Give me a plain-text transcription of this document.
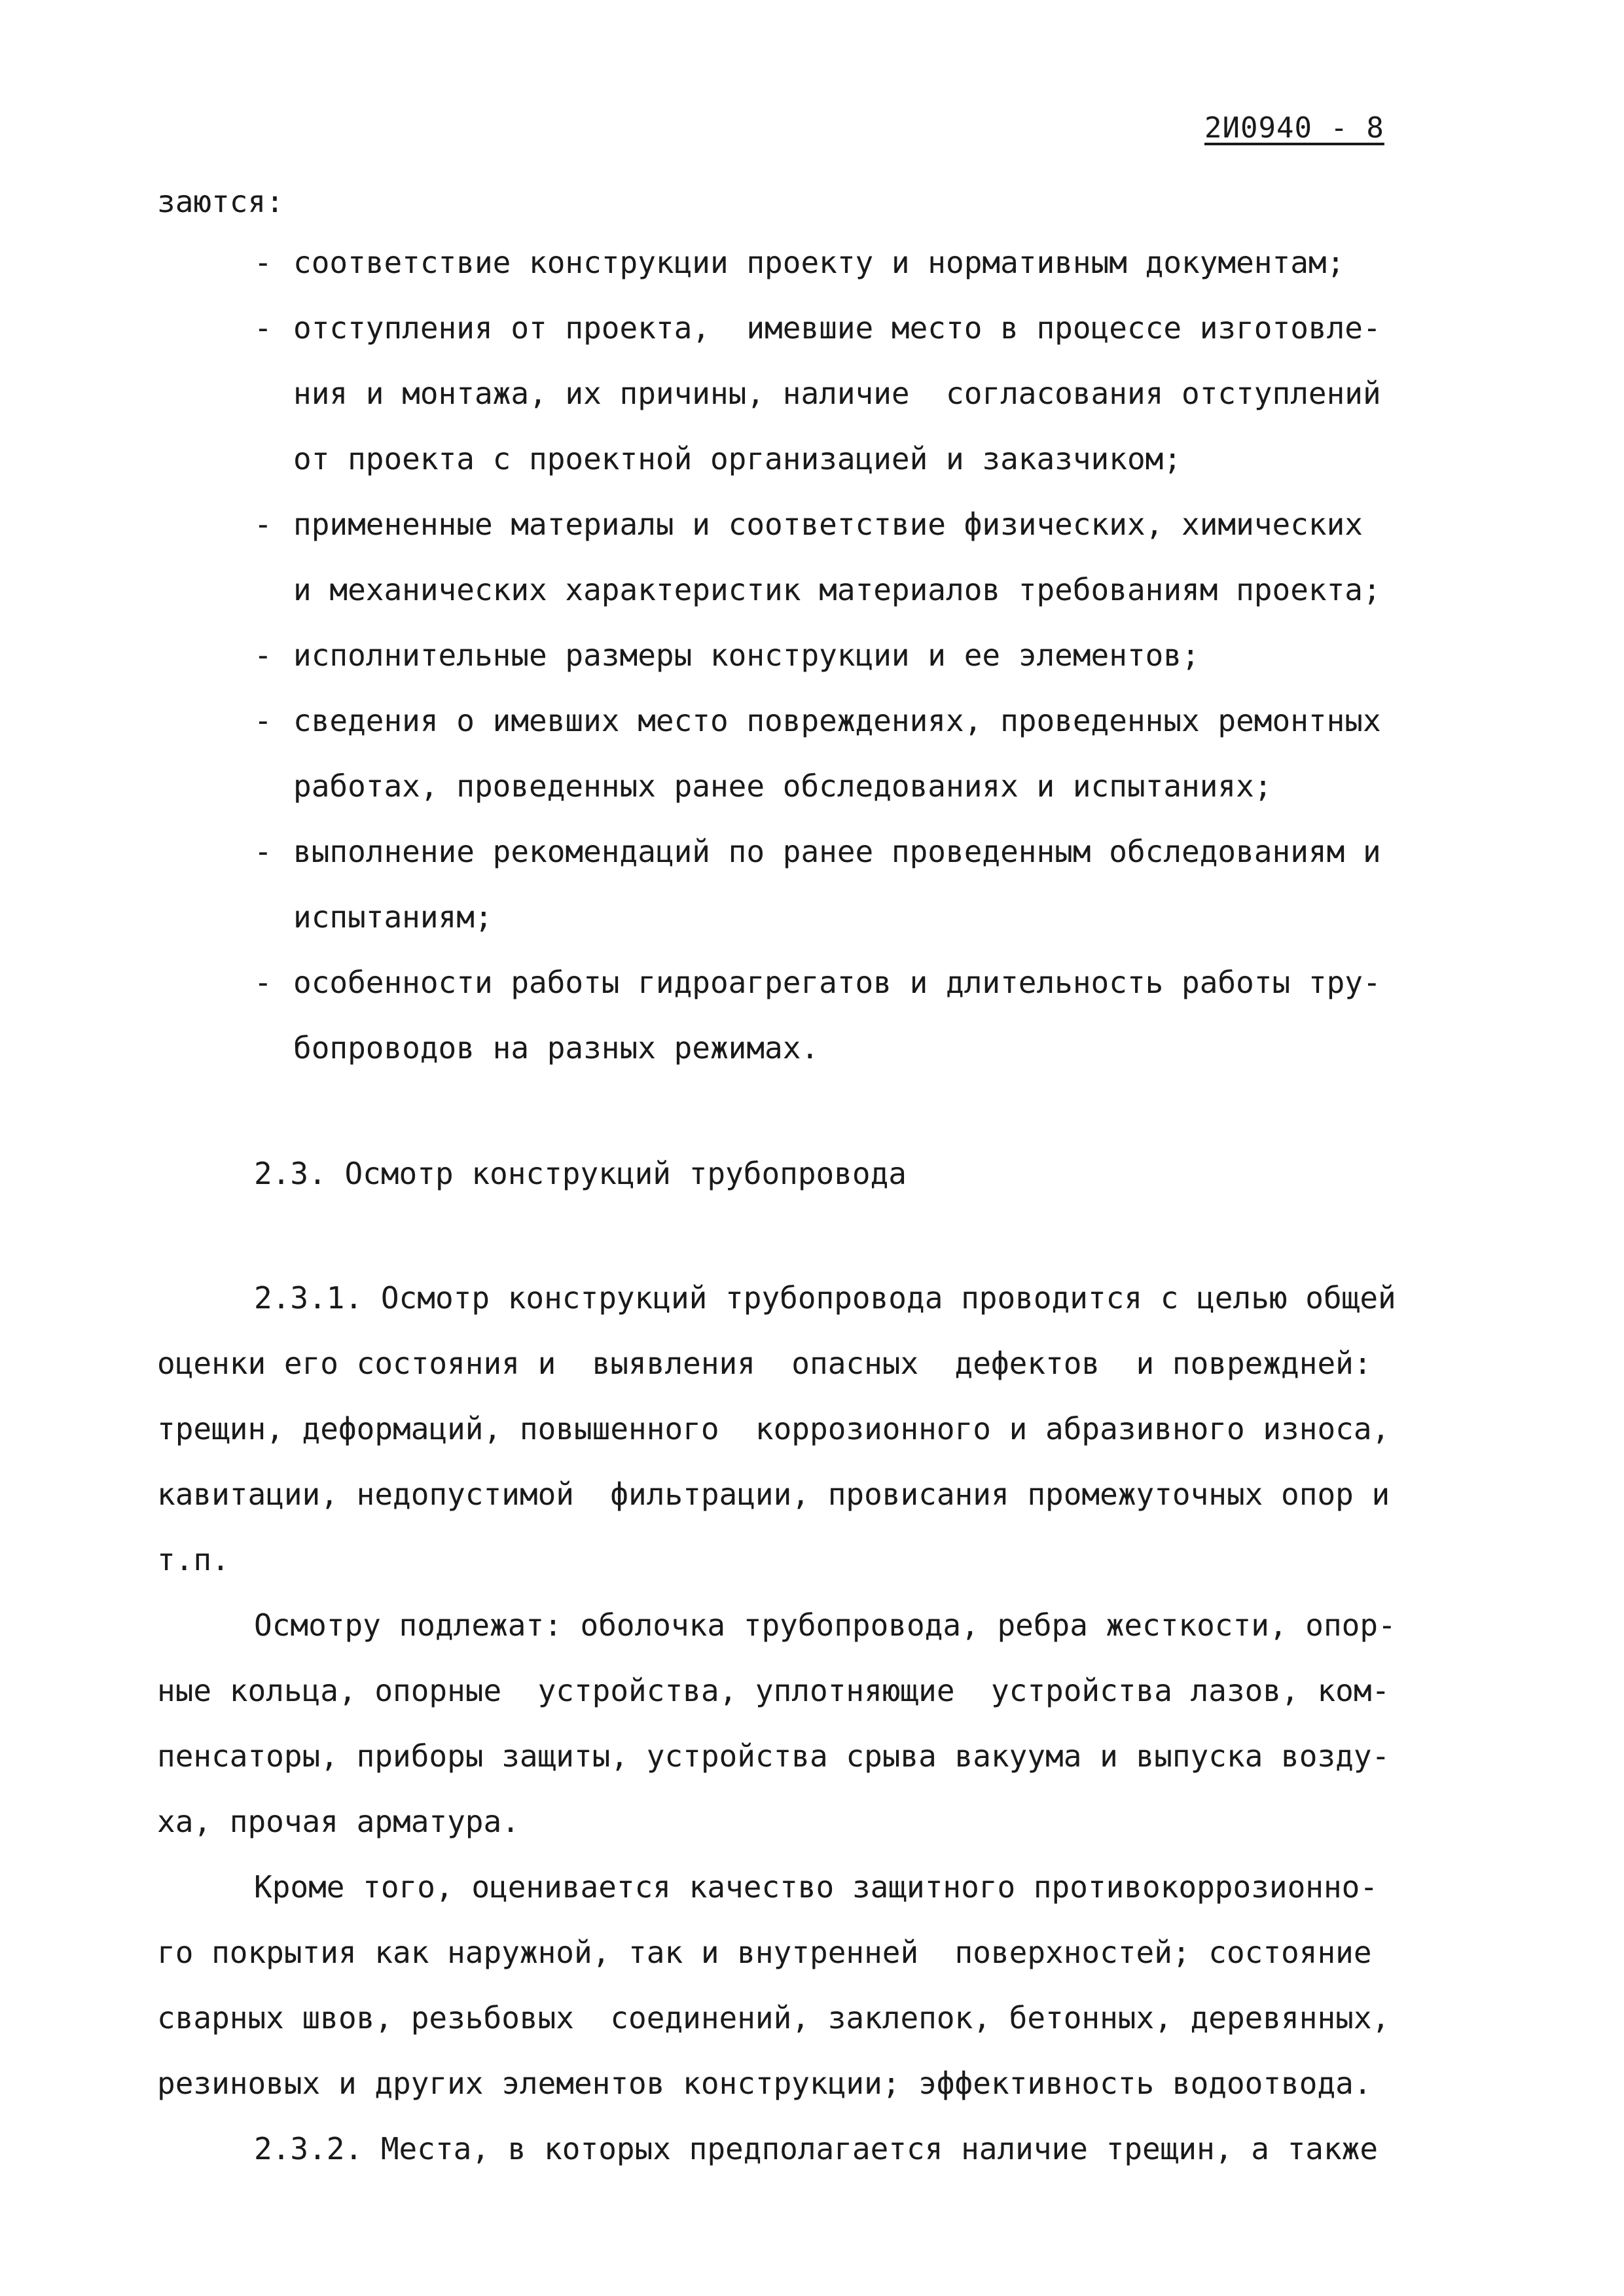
2И0940 - 8
заются:
- соответствие конструкции проекту и нормативным документам;
- отступления от проекта,  имевшие место в процессе изготовле-
ния и монтажа, их причины, наличие  согласования отступлений
от проекта с проектной организацией и заказчиком;
- примененные материалы и соответствие физических, химических
и механических характеристик материалов требованиям проекта;
- исполнительные размеры конструкции и ее элементов;
- сведения о имевших место повреждениях, проведенных ремонтных
работах, проведенных ранее обследованиях и испытаниях;
- выполнение рекомендаций по ранее проведенным обследованиям и
испытаниям;
- особенности работы гидроагрегатов и длительность работы тру-
бопроводов на разных режимах.
2.3. Осмотр конструкций трубопровода
2.3.1. Осмотр конструкций трубопровода проводится с целью общей
оценки его состояния и  выявления  опасных  дефектов  и повреждней:
трещин, деформаций, повышенного  коррозионного и абразивного износа,
кавитации, недопустимой  фильтрации, провисания промежуточных опор и
т.п.
Осмотру подлежат: оболочка трубопровода, ребра жесткости, опор-
ные кольца, опорные  устройства, уплотняющие  устройства лазов, ком-
пенсаторы, приборы защиты, устройства срыва вакуума и выпуска возду-
ха, прочая арматура.
Кроме того, оценивается качество защитного противокоррозионно-
го покрытия как наружной, так и внутренней  поверхностей; состояние
сварных швов, резьбовых  соединений, заклепок, бетонных, деревянных,
резиновых и других элементов конструкции; эффективность водоотвода.
2.3.2. Места, в которых предполагается наличие трещин, а также
